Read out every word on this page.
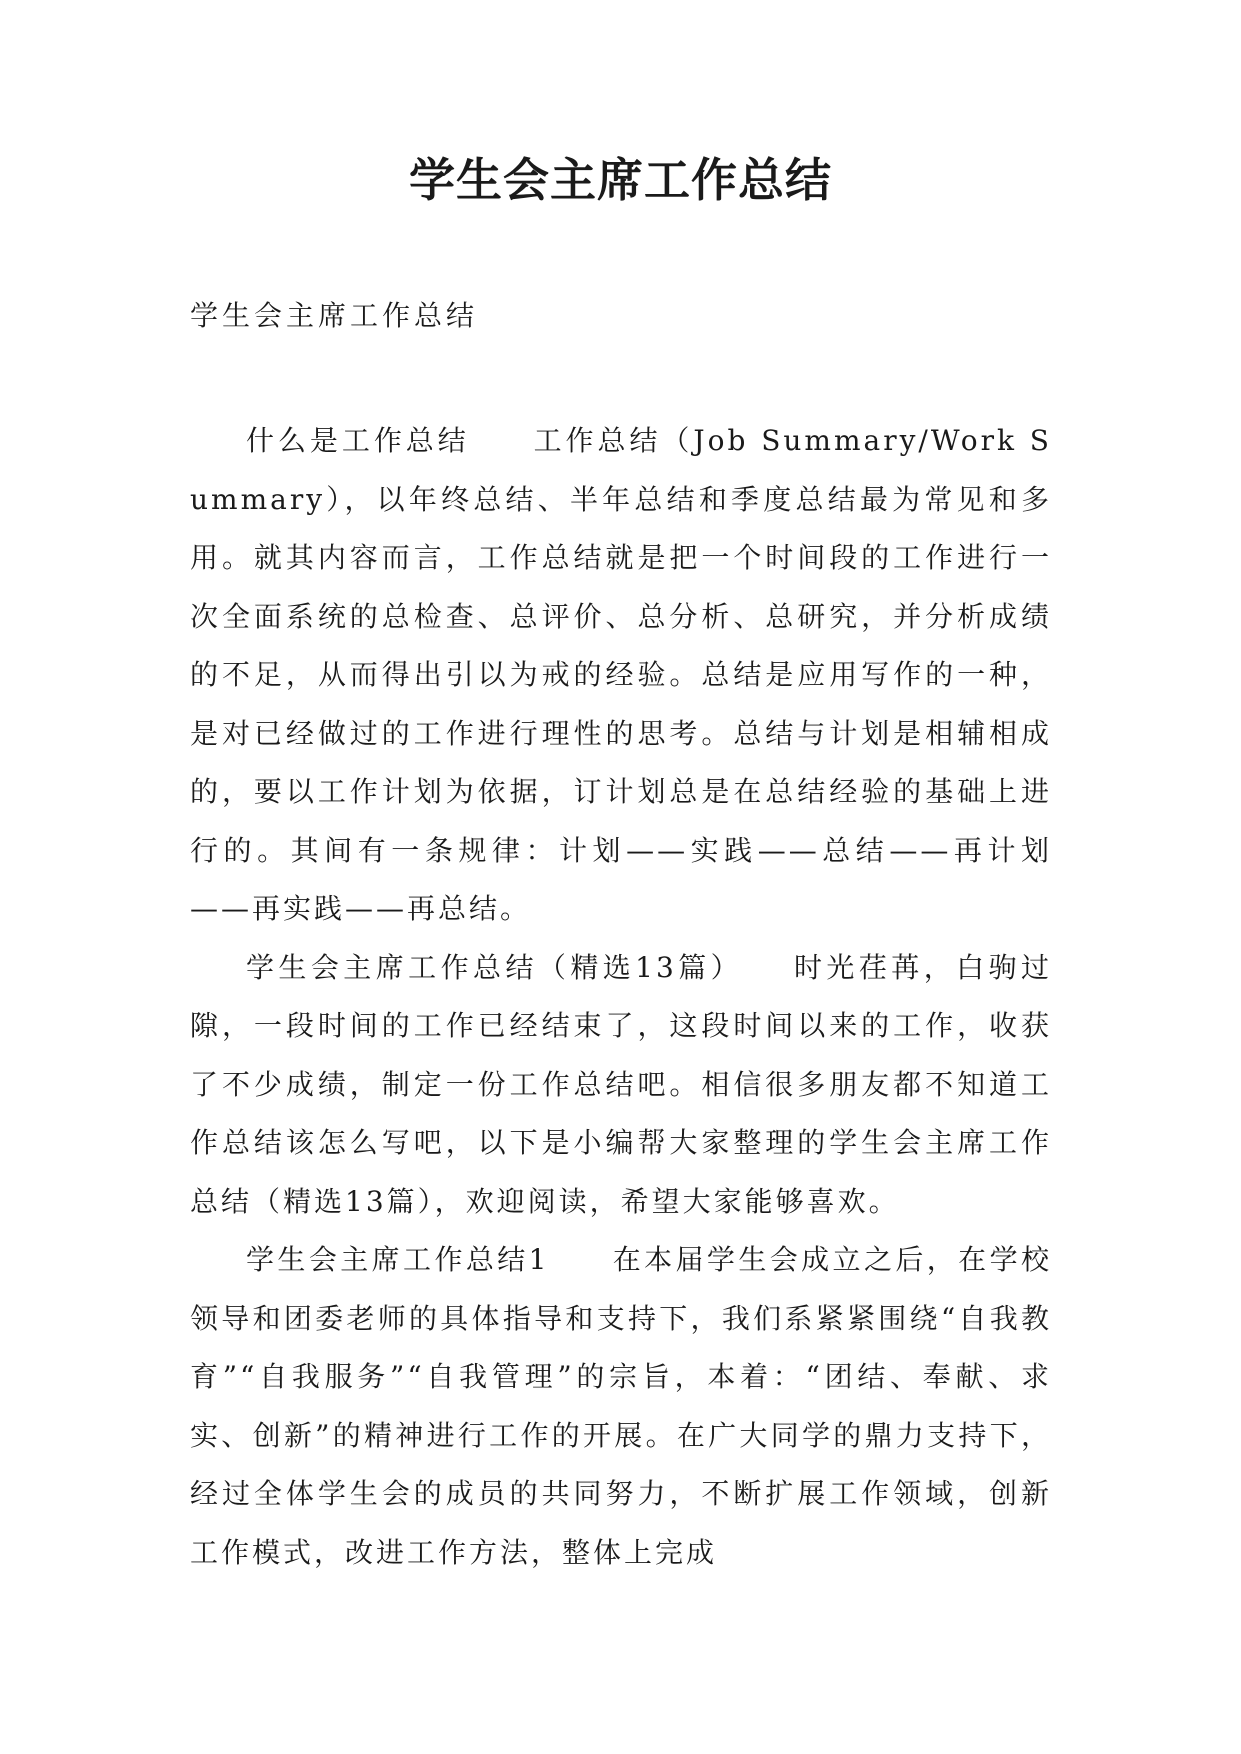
学生会主席工作总结
学生会主席工作总结

什么是工作总结　　工作总结（Job Summary/Work Summary），以年终总结、半年总结和季度总结最为常见和多用。就其内容而言，工作总结就是把一个时间段的工作进行一次全面系统的总检查、总评价、总分析、总研究，并分析成绩的不足，从而得出引以为戒的经验。总结是应用写作的一种，是对已经做过的工作进行理性的思考。总结与计划是相辅相成的，要以工作计划为依据，订计划总是在总结经验的基础上进行的。其间有一条规律：计划——实践——总结——再计划——再实践——再总结。

学生会主席工作总结（精选13篇）　　时光荏苒，白驹过隙，一段时间的工作已经结束了，这段时间以来的工作，收获了不少成绩，制定一份工作总结吧。相信很多朋友都不知道工作总结该怎么写吧，以下是小编帮大家整理的学生会主席工作总结（精选13篇），欢迎阅读，希望大家能够喜欢。

学生会主席工作总结1　　在本届学生会成立之后，在学校领导和团委老师的具体指导和支持下，我们系紧紧围绕“自我教育”“自我服务”“自我管理”的宗旨，本着：“团结、奉献、求实、创新”的精神进行工作的开展。在广大同学的鼎力支持下，经过全体学生会的成员的共同努力，不断扩展工作领域，创新工作模式，改进工作方法，整体上完成
